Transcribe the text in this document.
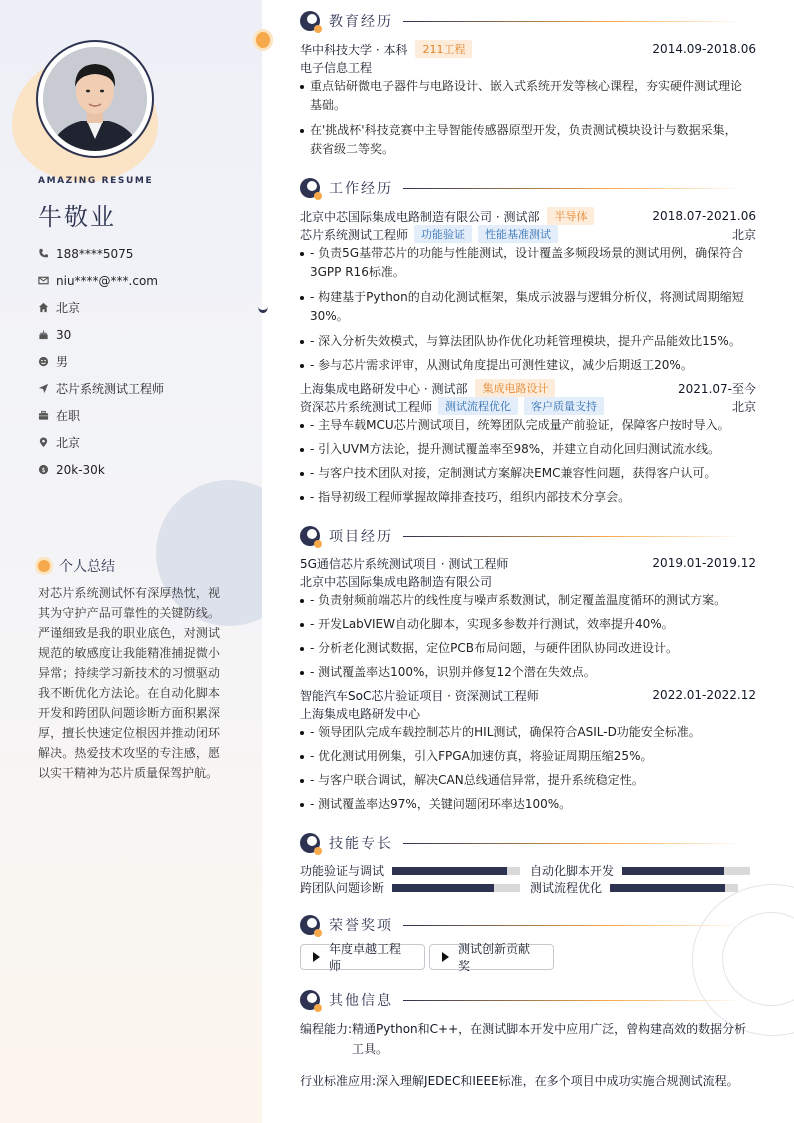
AMAZING RESUME
牛敬业
188****5075
niu****@***.com
北京
30
男
芯片系统测试工程师
在职
北京
$ 20k-30k
个人总结
对芯片系统测试怀有深厚热忱，视其为守护产品可靠性的关键防线。严谨细致是我的职业底色，对测试规范的敏感度让我能精准捕捉微小异常；持续学习新技术的习惯驱动我不断优化方法论。在自动化脚本开发和跨团队问题诊断方面积累深厚，擅长快速定位根因并推动闭环解决。热爱技术攻坚的专注感，愿以实干精神为芯片质量保驾护航。
教育经历
华中科技大学 · 本科	211工程	2014.09-2018.06
电子信息工程
重点钻研微电子器件与电路设计、嵌入式系统开发等核心课程，夯实硬件测试理论基础。
在'挑战杯'科技竞赛中主导智能传感器原型开发，负责测试模块设计与数据采集，获省级二等奖。
工作经历
北京中芯国际集成电路制造有限公司 · 测试部	半导体	2018.07-2021.06
芯片系统测试工程师	功能验证	性能基准测试	北京
- 负责5G基带芯片的功能与性能测试，设计覆盖多频段场景的测试用例，确保符合3GPP R16标准。
- 构建基于Python的自动化测试框架，集成示波器与逻辑分析仪，将测试周期缩短30%。
- 深入分析失效模式，与算法团队协作优化功耗管理模块，提升产品能效比15%。
- 参与芯片需求评审，从测试角度提出可测性建议，减少后期返工20%。
上海集成电路研发中心 · 测试部	集成电路设计	2021.07-至今
资深芯片系统测试工程师	测试流程优化	客户质量支持	北京
- 主导车载MCU芯片测试项目，统筹团队完成量产前验证，保障客户按时导入。
- 引入UVM方法论，提升测试覆盖率至98%，并建立自动化回归测试流水线。
- 与客户技术团队对接，定制测试方案解决EMC兼容性问题，获得客户认可。
- 指导初级工程师掌握故障排查技巧，组织内部技术分享会。
项目经历
5G通信芯片系统测试项目 · 测试工程师	2019.01-2019.12
北京中芯国际集成电路制造有限公司
- 负责射频前端芯片的线性度与噪声系数测试，制定覆盖温度循环的测试方案。
- 开发LabVIEW自动化脚本，实现多参数并行测试，效率提升40%。
- 分析老化测试数据，定位PCB布局问题，与硬件团队协同改进设计。
- 测试覆盖率达100%，识别并修复12个潜在失效点。
智能汽车SoC芯片验证项目 · 资深测试工程师	2022.01-2022.12
上海集成电路研发中心
- 领导团队完成车载控制芯片的HIL测试，确保符合ASIL-D功能安全标准。
- 优化测试用例集，引入FPGA加速仿真，将验证周期压缩25%。
- 与客户联合调试，解决CAN总线通信异常，提升系统稳定性。
- 测试覆盖率达97%，关键问题闭环率达100%。
技能专长
功能验证与调试	自动化脚本开发
跨团队问题诊断	测试流程优化
荣誉奖项
年度卓越工程师
测试创新贡献奖
其他信息
编程能力: 精通Python和C++，在测试脚本开发中应用广泛，曾构建高效的数据分析工具。
行业标准应用: 深入理解JEDEC和IEEE标准，在多个项目中成功实施合规测试流程。
